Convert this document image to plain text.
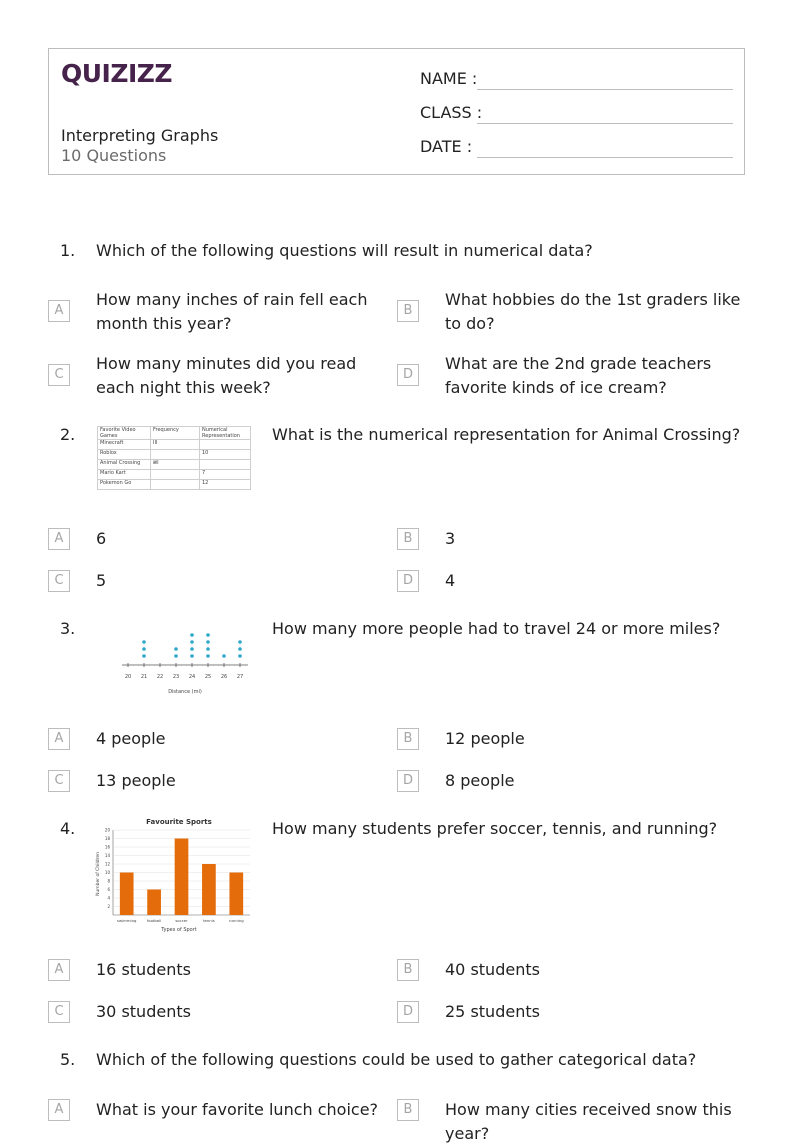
QUIZIZZ
Interpreting Graphs
10 Questions
NAME :
CLASS :
DATE :
1. Which of the following questions will result in numerical data?
A
How many inches of rain fell each month this year?
B
What hobbies do the 1st graders like to do?
C
How many minutes did you read each night this week?
D
What are the 2nd grade teachers favorite kinds of ice cream?
2.	Favorite Video Games	Frequency	Numerical Representation
Minecraft	III	
Roblox		10
Animal Crossing	𝍸I	
Mario Kart		7
Pokemon Go		12
What is the numerical representation for Animal Crossing?
A	6	B	3
C	5	D	4
3.
Distance (mi)
20 21 22 23 24 25 26 27
How many more people had to travel 24 or more miles?
A	4 people	B	12 people
C	13 people	D	8 people
4.	Favourite Sports
Types of Sport
Number of Children
2
4
6
8
10
12
14
16
18
20
swimming	football	soccer	tennis	running
How many students prefer soccer, tennis, and running?
A	16 students	B	40 students
C	30 students	D	25 students
5. Which of the following questions could be used to gather categorical data?
A	What is your favorite lunch choice?	B	How many cities received snow this year?
